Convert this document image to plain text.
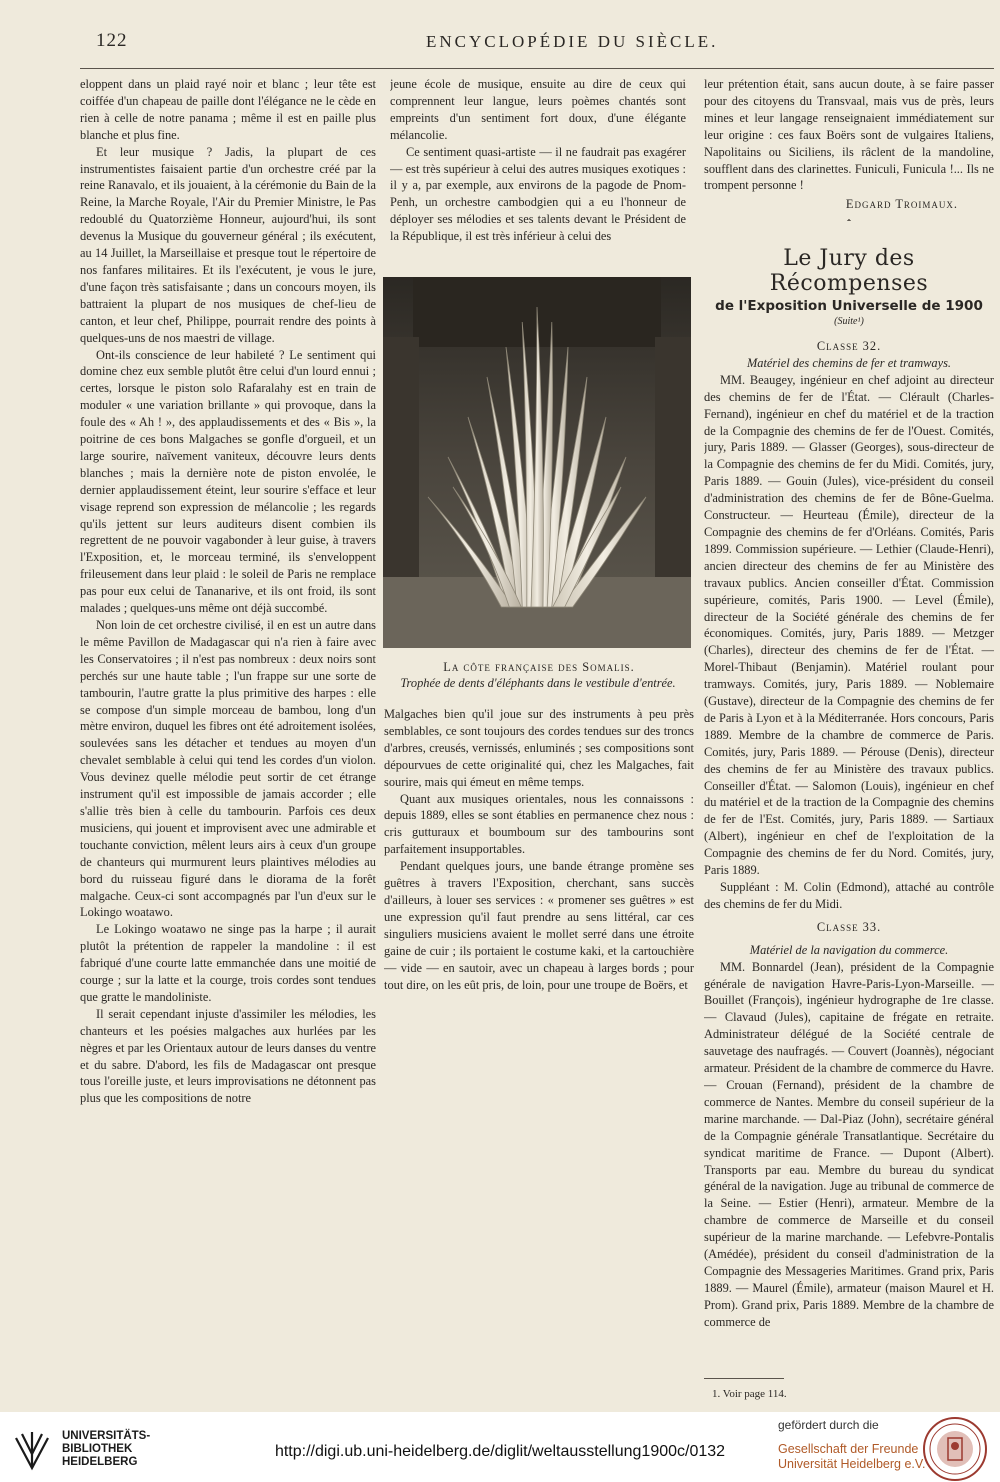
122	ENCYCLOPÉDIE DU SIÈCLE.

eloppent dans un plaid rayé noir et blanc ; leur tête est coiffée d'un chapeau de paille dont l'élégance ne le cède en rien à celle de notre panama ; même il est en paille plus blanche et plus fine.

Et leur musique ? Jadis, la plupart de ces instrumentistes faisaient partie d'un orchestre créé par la reine Ranavalo, et ils jouaient, à la cérémonie du Bain de la Reine, la Marche Royale, l'Air du Premier Ministre, le Pas redoublé du Quatorzième Honneur, aujourd'hui, ils sont devenus la Musique du gouverneur général ; ils exécutent, au 14 Juillet, la Marseillaise et presque tout le répertoire de nos fanfares militaires. Et ils l'exécutent, je vous le jure, d'une façon très satisfaisante ; dans un concours moyen, ils battraient la plupart de nos musiques de chef-lieu de canton, et leur chef, Philippe, pourrait rendre des points à quelques-uns de nos maestri de village.

Ont-ils conscience de leur habileté ? Le sentiment qui domine chez eux semble plutôt être celui d'un lourd ennui ; certes, lorsque le piston solo Rafaralahy est en train de moduler « une variation brillante » qui provoque, dans la foule des « Ah ! », des applaudissements et des « Bis », la poitrine de ces bons Malgaches se gonfle d'orgueil, et un large sourire, naïvement vaniteux, découvre leurs dents blanches ; mais la dernière note de piston envolée, le dernier applaudissement éteint, leur sourire s'efface et leur visage reprend son expression de mélancolie ; les regards qu'ils jettent sur leurs auditeurs disent combien ils regrettent de ne pouvoir vagabonder à leur guise, à travers l'Exposition, et, le morceau terminé, ils s'enveloppent frileusement dans leur plaid : le soleil de Paris ne remplace pas pour eux celui de Tananarive, et ils ont froid, ils sont malades ; quelques-uns même ont déjà succombé.

Non loin de cet orchestre civilisé, il en est un autre dans le même Pavillon de Madagascar qui n'a rien à faire avec les Conservatoires ; il n'est pas nombreux : deux noirs sont perchés sur une haute table ; l'un frappe sur une sorte de tambourin, l'autre gratte la plus primitive des harpes : elle se compose d'un simple morceau de bambou, long d'un mètre environ, duquel les fibres ont été adroitement isolées, soulevées sans les détacher et tendues au moyen d'un chevalet semblable à celui qui tend les cordes d'un violon. Vous devinez quelle mélodie peut sortir de cet étrange instrument qu'il est impossible de jamais accorder ; elle s'allie très bien à celle du tambourin. Parfois ces deux musiciens, qui jouent et improvisent avec une admirable et touchante conviction, mêlent leurs airs à ceux d'un groupe de chanteurs qui murmurent leurs plaintives mélodies au bord du ruisseau figuré dans le diorama de la forêt malgache. Ceux-ci sont accompagnés par l'un d'eux sur le Lokingo woatawo.

Le Lokingo woatawo ne singe pas la harpe ; il aurait plutôt la prétention de rappeler la mandoline : il est fabriqué d'une courte latte emmanchée dans une moitié de courge ; sur la latte et la courge, trois cordes sont tendues que gratte le mandoliniste.

Il serait cependant injuste d'assimiler les mélodies, les chanteurs et les poésies malgaches aux hurlées par les nègres et par les Orientaux autour de leurs danses du ventre et du sabre. D'abord, les fils de Madagascar ont presque tous l'oreille juste, et leurs improvisations ne détonnent pas plus que les compositions de notre

jeune école de musique, ensuite au dire de ceux qui comprennent leur langue, leurs poèmes chantés sont empreints d'un sentiment fort doux, d'une élégante mélancolie.

Ce sentiment quasi-artiste — il ne faudrait pas exagérer — est très supérieur à celui des autres musiques exotiques : il y a, par exemple, aux environs de la pagode de Pnom-Penh, un orchestre cambodgien qui a eu l'honneur de déployer ses mélodies et ses talents devant le Président de la République, il est très inférieur à celui des

La côte française des Somalis.
Trophée de dents d'éléphants dans le vestibule d'entrée.

Malgaches bien qu'il joue sur des instruments à peu près semblables, ce sont toujours des cordes tendues sur des troncs d'arbres, creusés, vernissés, enluminés ; ses compositions sont dépourvues de cette originalité qui, chez les Malgaches, fait sourire, mais qui émeut en même temps.

Quant aux musiques orientales, nous les connaissons : depuis 1889, elles se sont établies en permanence chez nous : cris gutturaux et boumboum sur des tambourins sont parfaitement insupportables.

Pendant quelques jours, une bande étrange promène ses guêtres à travers l'Exposition, cherchant, sans succès d'ailleurs, à louer ses services : « promener ses guêtres » est une expression qu'il faut prendre au sens littéral, car ces singuliers musiciens avaient le mollet serré dans une étroite gaine de cuir ; ils portaient le costume kaki, et la cartouchière — vide — en sautoir, avec un chapeau à larges bords ; pour tout dire, on les eût pris, de loin, pour une troupe de Boërs, et

leur prétention était, sans aucun doute, à se faire passer pour des citoyens du Transvaal, mais vus de près, leurs mines et leur langage renseignaient immédiatement sur leur origine : ces faux Boërs sont de vulgaires Italiens, Napolitains ou Siciliens, ils râclent de la mandoline, soufflent dans des clarinettes. Funiculi, Funicula !... Ils ne trompent personne !

Edgard Troimaux.

Le Jury des Récompenses
de l'Exposition Universelle de 1900
(Suite¹)

Classe 32.

Matériel des chemins de fer et tramways.

MM. Beaugey, ingénieur en chef adjoint au directeur des chemins de fer de l'État. — Clérault (Charles-Fernand), ingénieur en chef du matériel et de la traction de la Compagnie des chemins de fer de l'Ouest. Comités, jury, Paris 1889. — Glasser (Georges), sous-directeur de la Compagnie des chemins de fer du Midi. Comités, jury, Paris 1889. — Gouin (Jules), vice-président du conseil d'administration des chemins de fer de Bône-Guelma. Constructeur. — Heurteau (Émile), directeur de la Compagnie des chemins de fer d'Orléans. Comités, Paris 1899. Commission supérieure. — Lethier (Claude-Henri), ancien directeur des chemins de fer au Ministère des travaux publics. Ancien conseiller d'État. Commission supérieure, comités, Paris 1900. — Level (Émile), directeur de la Société générale des chemins de fer économiques. Comités, jury, Paris 1889. — Metzger (Charles), directeur des chemins de fer de l'État. — Morel-Thibaut (Benjamin). Matériel roulant pour tramways. Comités, jury, Paris 1889. — Noblemaire (Gustave), directeur de la Compagnie des chemins de fer de Paris à Lyon et à la Méditerranée. Hors concours, Paris 1889. Membre de la chambre de commerce de Paris. Comités, jury, Paris 1889. — Pérouse (Denis), directeur des chemins de fer au Ministère des travaux publics. Conseiller d'État. — Salomon (Louis), ingénieur en chef du matériel et de la traction de la Compagnie des chemins de fer de l'Est. Comités, jury, Paris 1889. — Sartiaux (Albert), ingénieur en chef de l'exploitation de la Compagnie des chemins de fer du Nord. Comités, jury, Paris 1889.

Suppléant : M. Colin (Edmond), attaché au contrôle des chemins de fer du Midi.

Classe 33.

Matériel de la navigation du commerce.

MM. Bonnardel (Jean), président de la Compagnie générale de navigation Havre-Paris-Lyon-Marseille. — Bouillet (François), ingénieur hydrographe de 1re classe. — Clavaud (Jules), capitaine de frégate en retraite. Administrateur délégué de la Société centrale de sauvetage des naufragés. — Couvert (Joannès), négociant armateur. Président de la chambre de commerce du Havre. — Crouan (Fernand), président de la chambre de commerce de Nantes. Membre du conseil supérieur de la marine marchande. — Dal-Piaz (John), secrétaire général de la Compagnie générale Transatlantique. Secrétaire du syndicat maritime de France. — Dupont (Albert). Transports par eau. Membre du bureau du syndicat général de la navigation. Juge au tribunal de commerce de la Seine. — Estier (Henri), armateur. Membre de la chambre de commerce de Marseille et du conseil supérieur de la marine marchande. — Lefebvre-Pontalis (Amédée), président du conseil d'administration de la Compagnie des Messageries Maritimes. Grand prix, Paris 1889. — Maurel (Émile), armateur (maison Maurel et H. Prom). Grand prix, Paris 1889. Membre de la chambre de commerce de

1. Voir page 114.
UNIVERSITÄTS-
BIBLIOTHEK
HEIDELBERG
http://digi.ub.uni-heidelberg.de/diglit/weltausstellung1900c/0132
gefördert durch die
Gesellschaft der Freunde
Universität Heidelberg e.V.
